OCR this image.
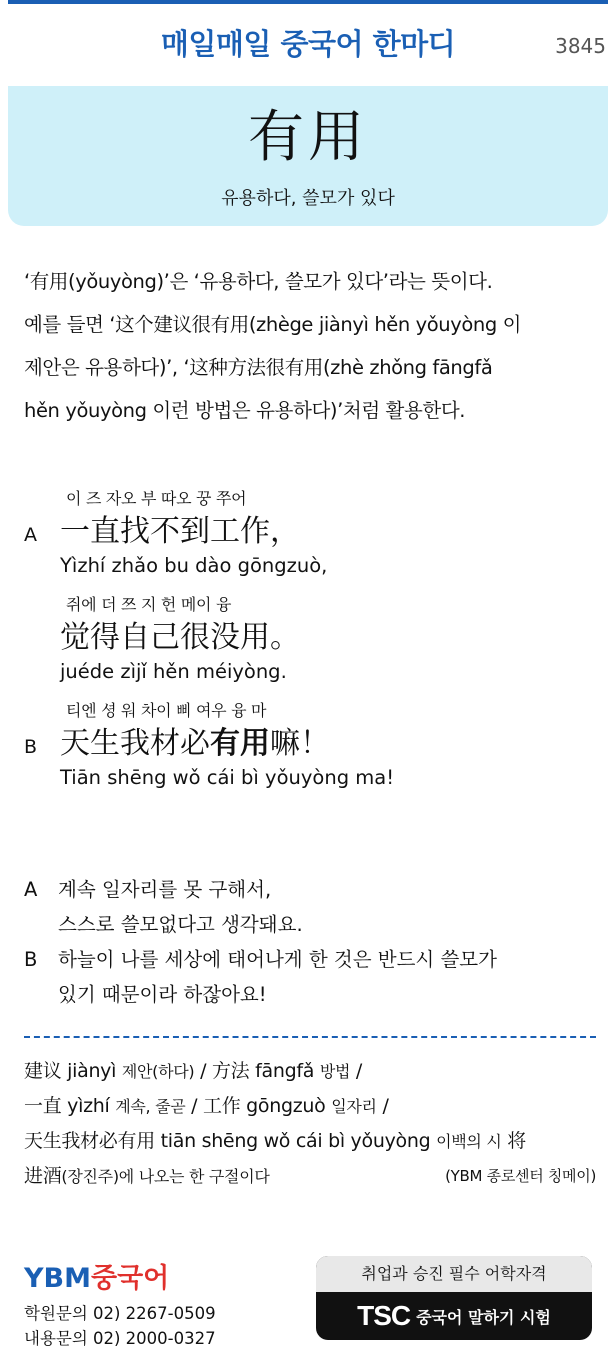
매일매일 중국어 한마디	3845
有用
유용하다, 쓸모가 있다
‘有用(yǒuyòng)’은 ‘유용하다, 쓸모가 있다’라는 뜻이다.
예를 들면 ‘这个建议很有用(zhège jiànyì hěn yǒuyòng 이
제안은 유용하다)’, ‘这种方法很有用(zhè zhǒng fāngfǎ
hěn yǒuyòng 이런 방법은 유용하다)’처럼 활용한다.
A
이 즈 자오 부 따오 꿍 쭈어
一直找不到工作，
Yìzhí zhǎo bu dào gōngzuò,
쥐에 더 쯔 지 헌 메이 융
觉得自己很没用。
juéde zìjǐ hěn méiyòng.
B
티엔 셩 워 차이 삐 여우 융 마
天生我材必有用嘛！
Tiān shēng wǒ cái bì yǒuyòng ma!
A	계속 일자리를 못 구해서,
스스로 쓸모없다고 생각돼요.
B	하늘이 나를 세상에 태어나게 한 것은 반드시 쓸모가
있기 때문이라 하잖아요!
建议 jiànyì 제안(하다) / 方法 fāngfǎ 방법 /
一直 yìzhí 계속, 줄곧 / 工作 gōngzuò 일자리 /
天生我材必有用 tiān shēng wǒ cái bì yǒuyòng 이백의 시 将
进酒(장진주)에 나오는 한 구절이다	(YBM 종로센터 칭메이)
YBM중국어
학원문의 02) 2267-0509
내용문의 02) 2000-0327
취업과 승진 필수 어학자격
TSC 중국어 말하기 시험
